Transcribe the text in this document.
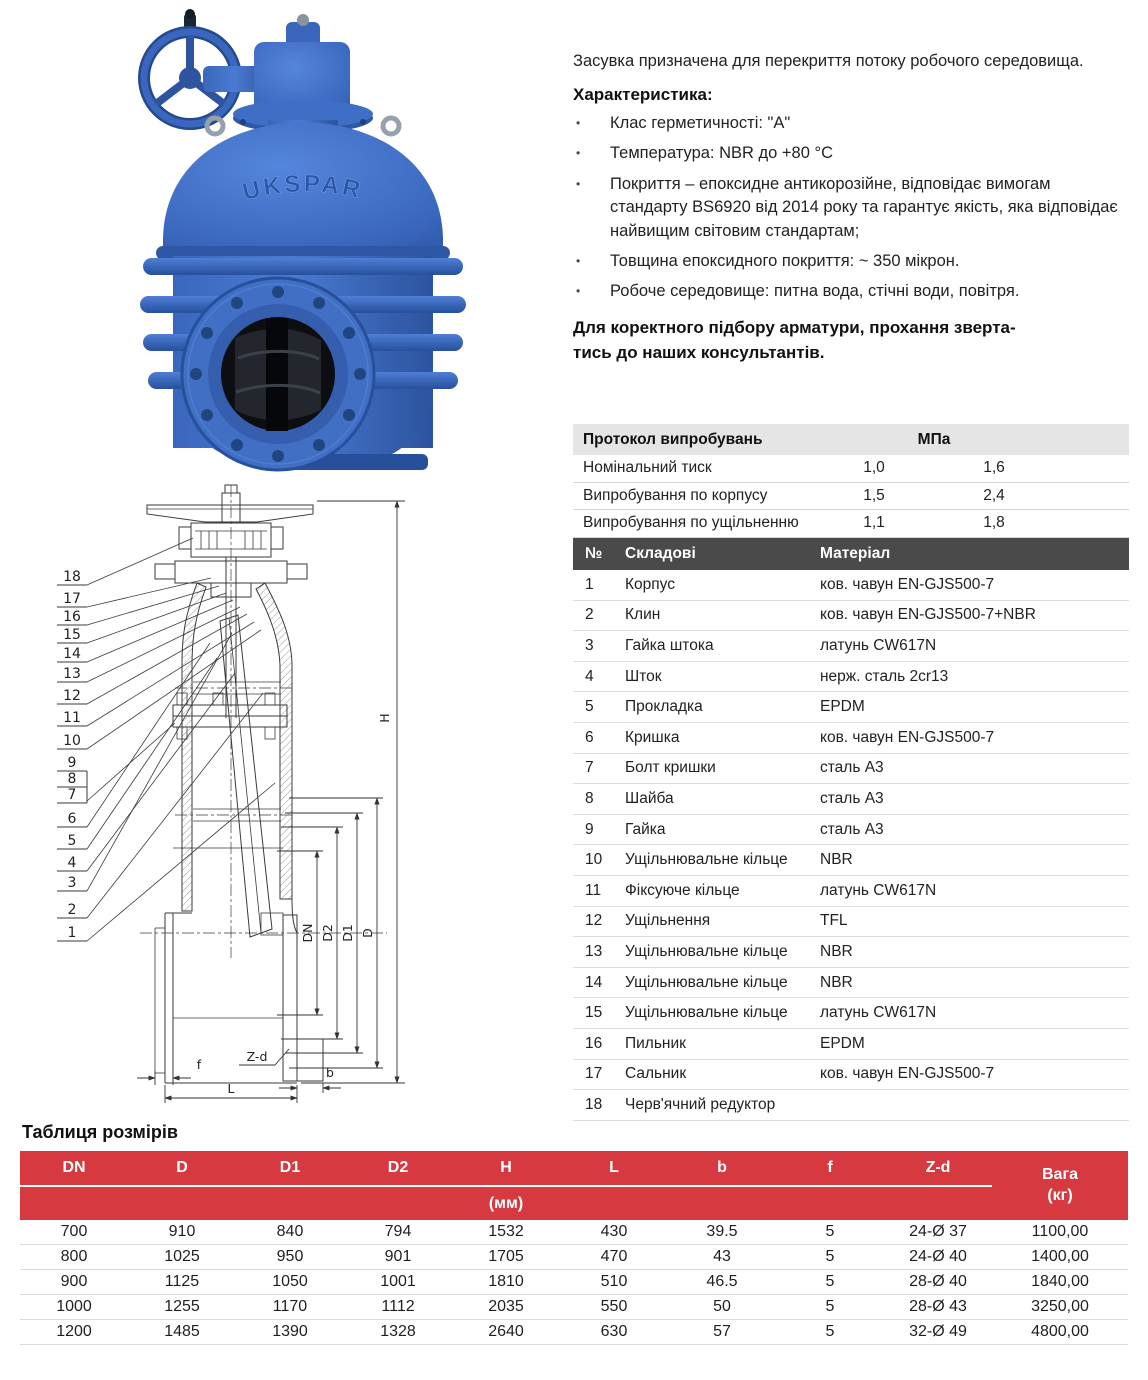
UKSPAR

Засувка призначена для перекриття потоку робочого середовища.

Характеристика:

• Клас герметичності: "А"
• Температура: NBR до +80 °С
• Покриття – епоксидне антикорозійне, відповідає вимогам стандарту BS6920 від 2014 року та гарантує якість, яка відповідає найвищим світовим стандартам;
• Товщина епоксидного покриття: ~ 350 мікрон.
• Робоче середовище: питна вода, стічні води, повітря.

Для коректного підбору арматури, прохання зверта-
тись до наших консультантів.

Протокол випробувань	МПа
Номінальний тиск	1,0	1,6
Випробування по корпусу	1,5	2,4
Випробування по ущільненню	1,1	1,8
№	Складові	Матеріал
1	Корпус	ков. чавун EN-GJS500-7
2	Клин	ков. чавун EN-GJS500-7+NBR
3	Гайка штока	латунь CW617N
4	Шток	нерж. сталь 2cr13
5	Прокладка	EPDM
6	Кришка	ков. чавун EN-GJS500-7
7	Болт кришки	сталь А3
8	Шайба	сталь А3
9	Гайка	сталь А3
10	Ущільнювальне кільце	NBR
11	Фіксуюче кільце	латунь CW617N
12	Ущільнення	TFL
13	Ущільнювальне кільце	NBR
14	Ущільнювальне кільце	NBR
15	Ущільнювальне кільце	латунь CW617N
16	Пильник	EPDM
17	Сальник	ков. чавун EN-GJS500-7
18	Черв'ячний редуктор
H
DN D2 D1 D
L
f
b
Z-d
18
17
16
15
14
13
12
11
10
9
8
7
6
5
4
3
2
1
Таблиця розмірів
DN	D	D1	D2	H	L	b	f	Z-d	Вага
(кг)

(мм)									
700	910	840	794	1532	430	39.5	5	24-Ø 37	1100,00
800	1025	950	901	1705	470	43	5	24-Ø 40	1400,00
900	1125	1050	1001	1810	510	46.5	5	28-Ø 40	1840,00
1000	1255	1170	1112	2035	550	50	5	28-Ø 43	3250,00
1200	1485	1390	1328	2640	630	57	5	32-Ø 49	4800,00
